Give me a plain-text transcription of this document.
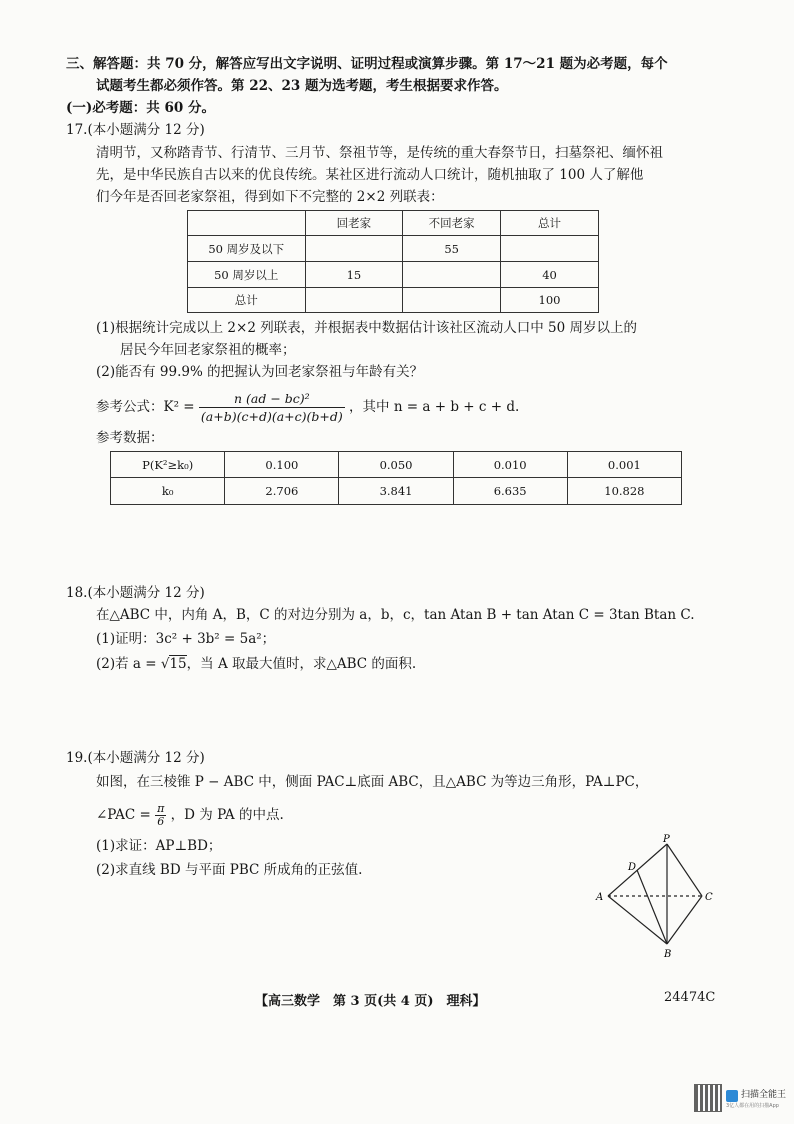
三、解答题：共 70 分，解答应写出文字说明、证明过程或演算步骤。第 17～21 题为必考题，每个
试题考生都必须作答。第 22、23 题为选考题，考生根据要求作答。
(一)必考题：共 60 分。
17.(本小题满分 12 分)
清明节，又称踏青节、行清节、三月节、祭祖节等，是传统的重大春祭节日，扫墓祭祀、缅怀祖
先，是中华民族自古以来的优良传统。某社区进行流动人口统计，随机抽取了 100 人了解他
们今年是否回老家祭祖，得到如下不完整的 2×2 列联表：
	回老家	不回老家	总计
50 周岁及以下		55	
50 周岁以上	15		40
总计			100
(1)根据统计完成以上 2×2 列联表，并根据表中数据估计该社区流动人口中 50 周岁以上的
居民今年回老家祭祖的概率；
(2)能否有 99.9% 的把握认为回老家祭祖与年龄有关？
参考公式：$K^2 = \frac{\text{n (ad − bc)²}}{(a+b)(c+d)(a+c)(b+d)}$ ，其中 n = a + b + c + d.
参考数据：
P(K²≥k₀)	0.100	0.050	0.010	0.001
k₀	2.706	3.841	6.635	10.828
18.(本小题满分 12 分)
在△ABC 中，内角 A，B，C 的对边分别为 a，b，c，tan Atan B + tan Atan C = 3tan Btan C.
(1)证明：3c² + 3b² = 5a²；
(2)若 a = √15，当 A 取最大值时，求△ABC 的面积.
19.(本小题满分 12 分)
如图，在三棱锥 P − ABC 中，侧面 PAC⊥底面 ABC，且△ABC 为等边三角形，PA⊥PC，
∠PAC = $\frac{\pi}{6}$ ，D 为 PA 的中点.
(1)求证：AP⊥BD；
(2)求直线 BD 与平面 PBC 所成角的正弦值.
P
D
A	C
B
【高三数学　第 3 页(共 4 页)　理科】	24474C
扫描全能王
3亿人都在用的扫描App
